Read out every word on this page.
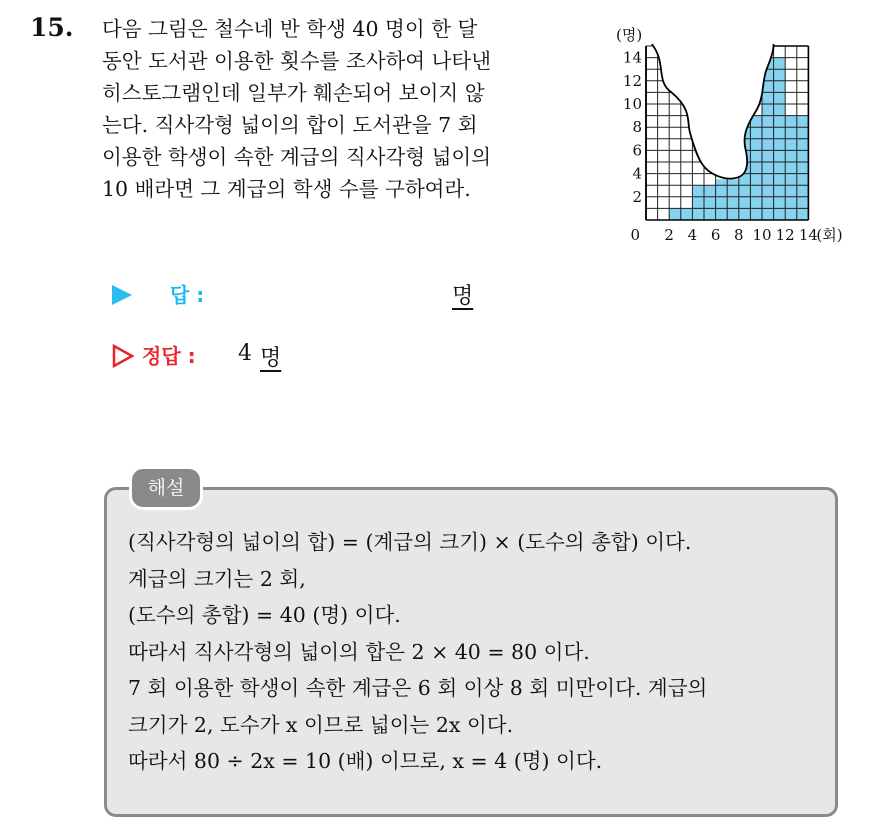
15. 다음 그림은 철수네 반 학생 40 명이 한 달
동안 도서관 이용한 횟수를 조사하여 나타낸
히스토그램인데 일부가 훼손되어 보이지 않
는다. 직사각형 넓이의 합이 도서관을 7 회
이용한 학생이 속한 계급의 직사각형 넓이의
10 배라면 그 계급의 학생 수를 구하여라.
(명)
2
4
6
8
10
12
14
0 2 4 6 8 10 12 14
(회)
답 :	명
정답 : 4 명
해설
(직사각형의 넓이의 합) = (계급의 크기) × (도수의 총합) 이다.
계급의 크기는 2 회,
(도수의 총합) = 40 (명) 이다.
따라서 직사각형의 넓이의 합은 2 × 40 = 80 이다.
7 회 이용한 학생이 속한 계급은 6 회 이상 8 회 미만이다. 계급의
크기가 2, 도수가 x 이므로 넓이는 2x 이다.
따라서 80 ÷ 2x = 10 (배) 이므로, x = 4 (명) 이다.
